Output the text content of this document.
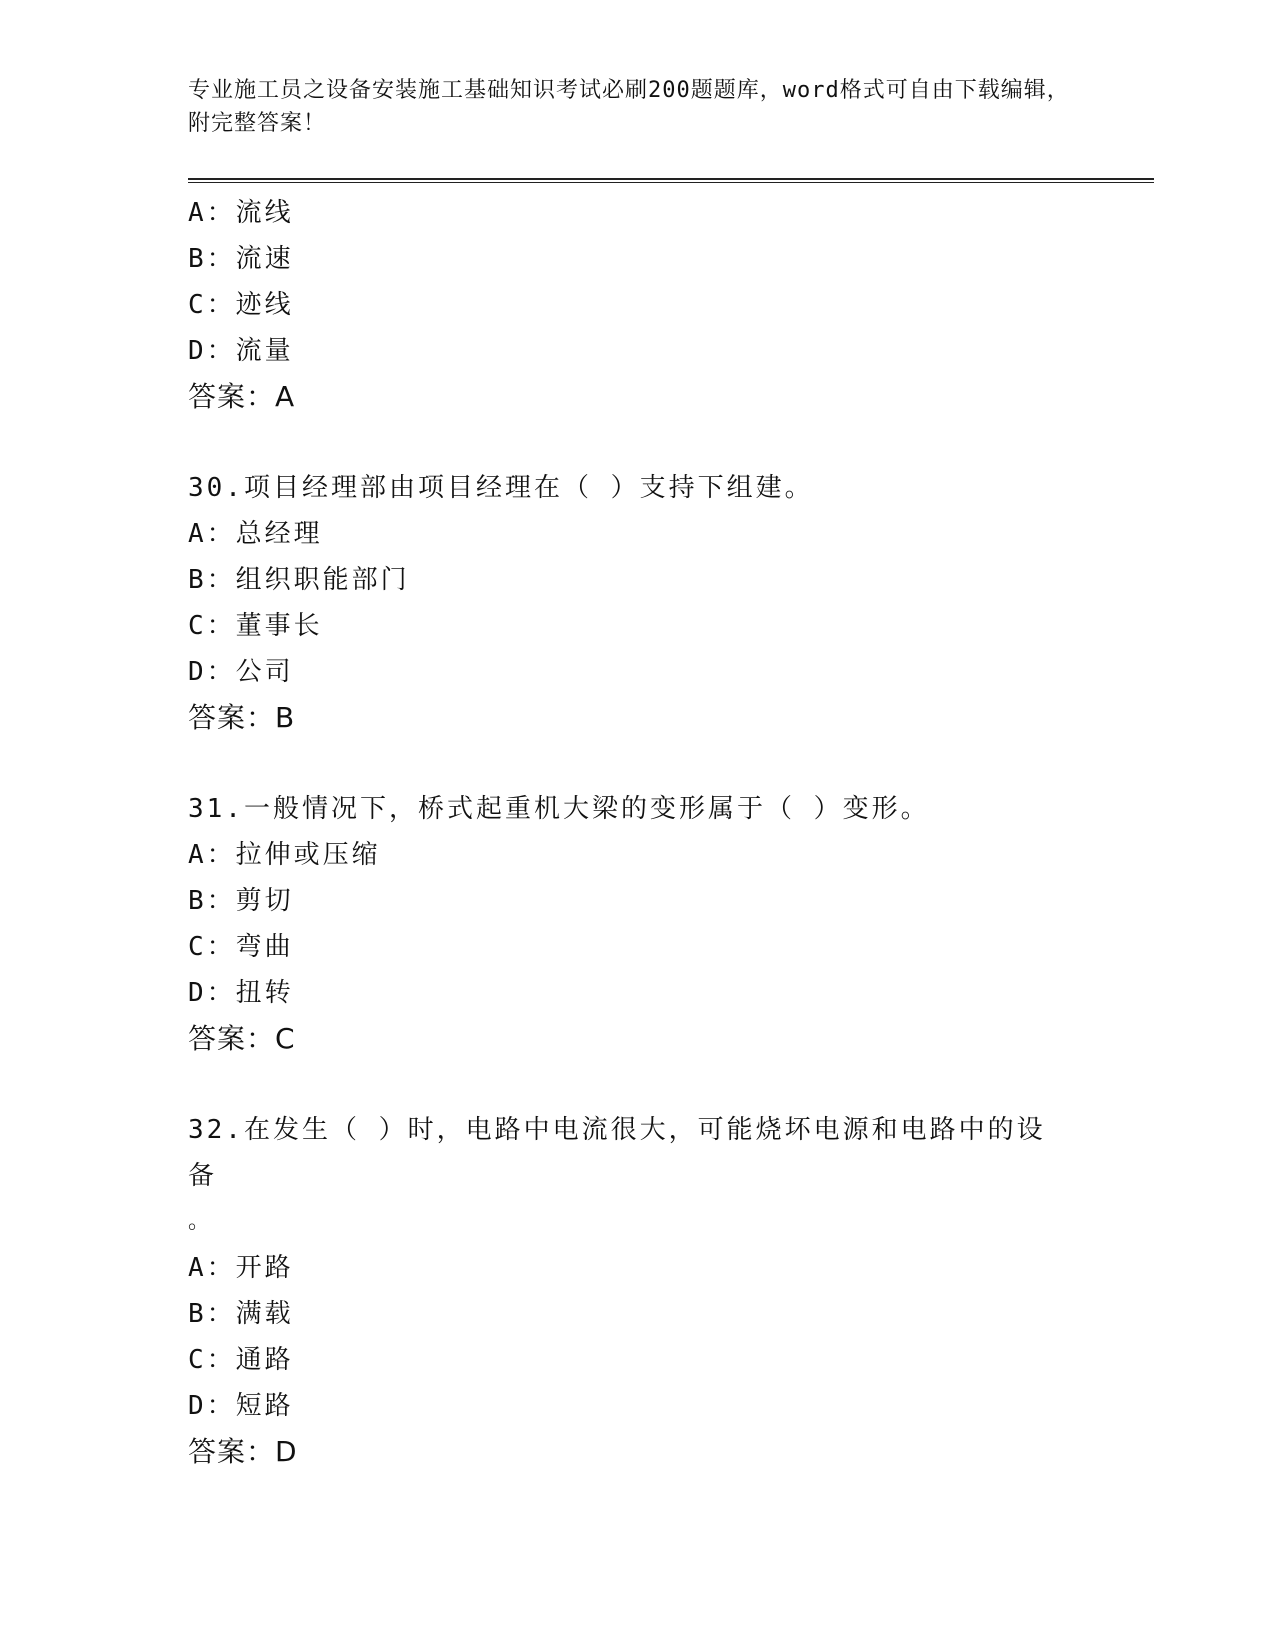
专业施工员之设备安装施工基础知识考试必刷200题题库，word格式可自由下载编辑，附完整答案！
A：流线
B：流速
C：迹线
D：流量
答案：A
30.项目经理部由项目经理在（ ）支持下组建。
A：总经理
B：组织职能部门
C：董事长
D：公司
答案：B
31.一般情况下，桥式起重机大梁的变形属于（ ）变形。
A：拉伸或压缩
B：剪切
C：弯曲
D：扭转
答案：C
32.在发生（ ）时，电路中电流很大，可能烧坏电源和电路中的设备
。
A：开路
B：满载
C：通路
D：短路
答案：D
